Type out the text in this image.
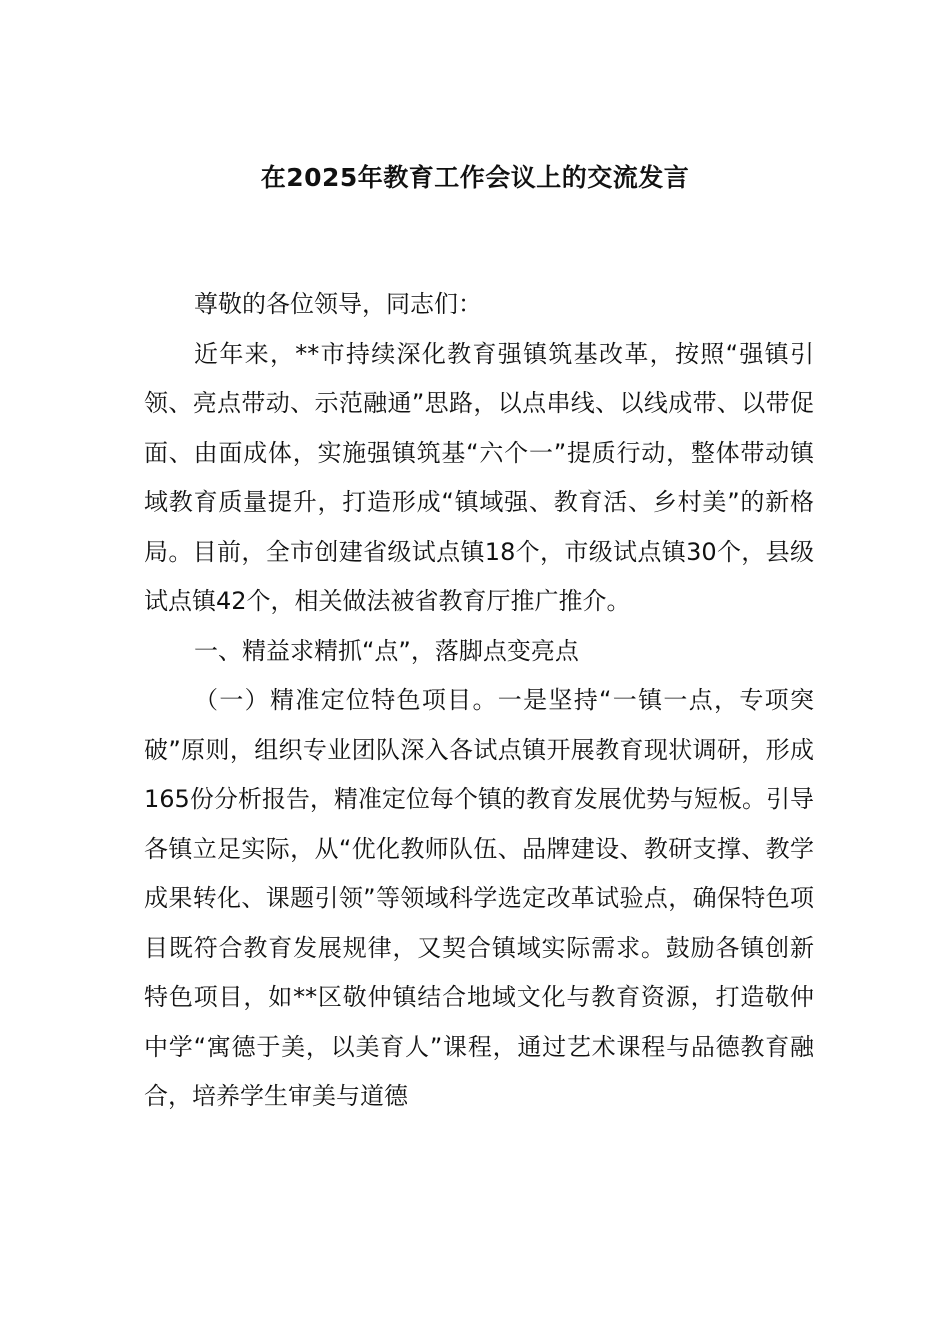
在2025年教育工作会议上的交流发言

尊敬的各位领导，同志们：

近年来，**市持续深化教育强镇筑基改革，按照“强镇引领、亮点带动、示范融通”思路，以点串线、以线成带、以带促面、由面成体，实施强镇筑基“六个一”提质行动，整体带动镇域教育质量提升，打造形成“镇域强、教育活、乡村美”的新格局。目前，全市创建省级试点镇18个，市级试点镇30个，县级试点镇42个，相关做法被省教育厅推广推介。

一、精益求精抓“点”，落脚点变亮点

（一）精准定位特色项目。一是坚持“一镇一点，专项突破”原则，组织专业团队深入各试点镇开展教育现状调研，形成165份分析报告，精准定位每个镇的教育发展优势与短板。引导各镇立足实际，从“优化教师队伍、品牌建设、教研支撑、教学成果转化、课题引领”等领域科学选定改革试验点，确保特色项目既符合教育发展规律，又契合镇域实际需求。鼓励各镇创新特色项目，如**区敬仲镇结合地域文化与教育资源，打造敬仲中学“寓德于美，以美育人”课程，通过艺术课程与品德教育融合，培养学生审美与道德
